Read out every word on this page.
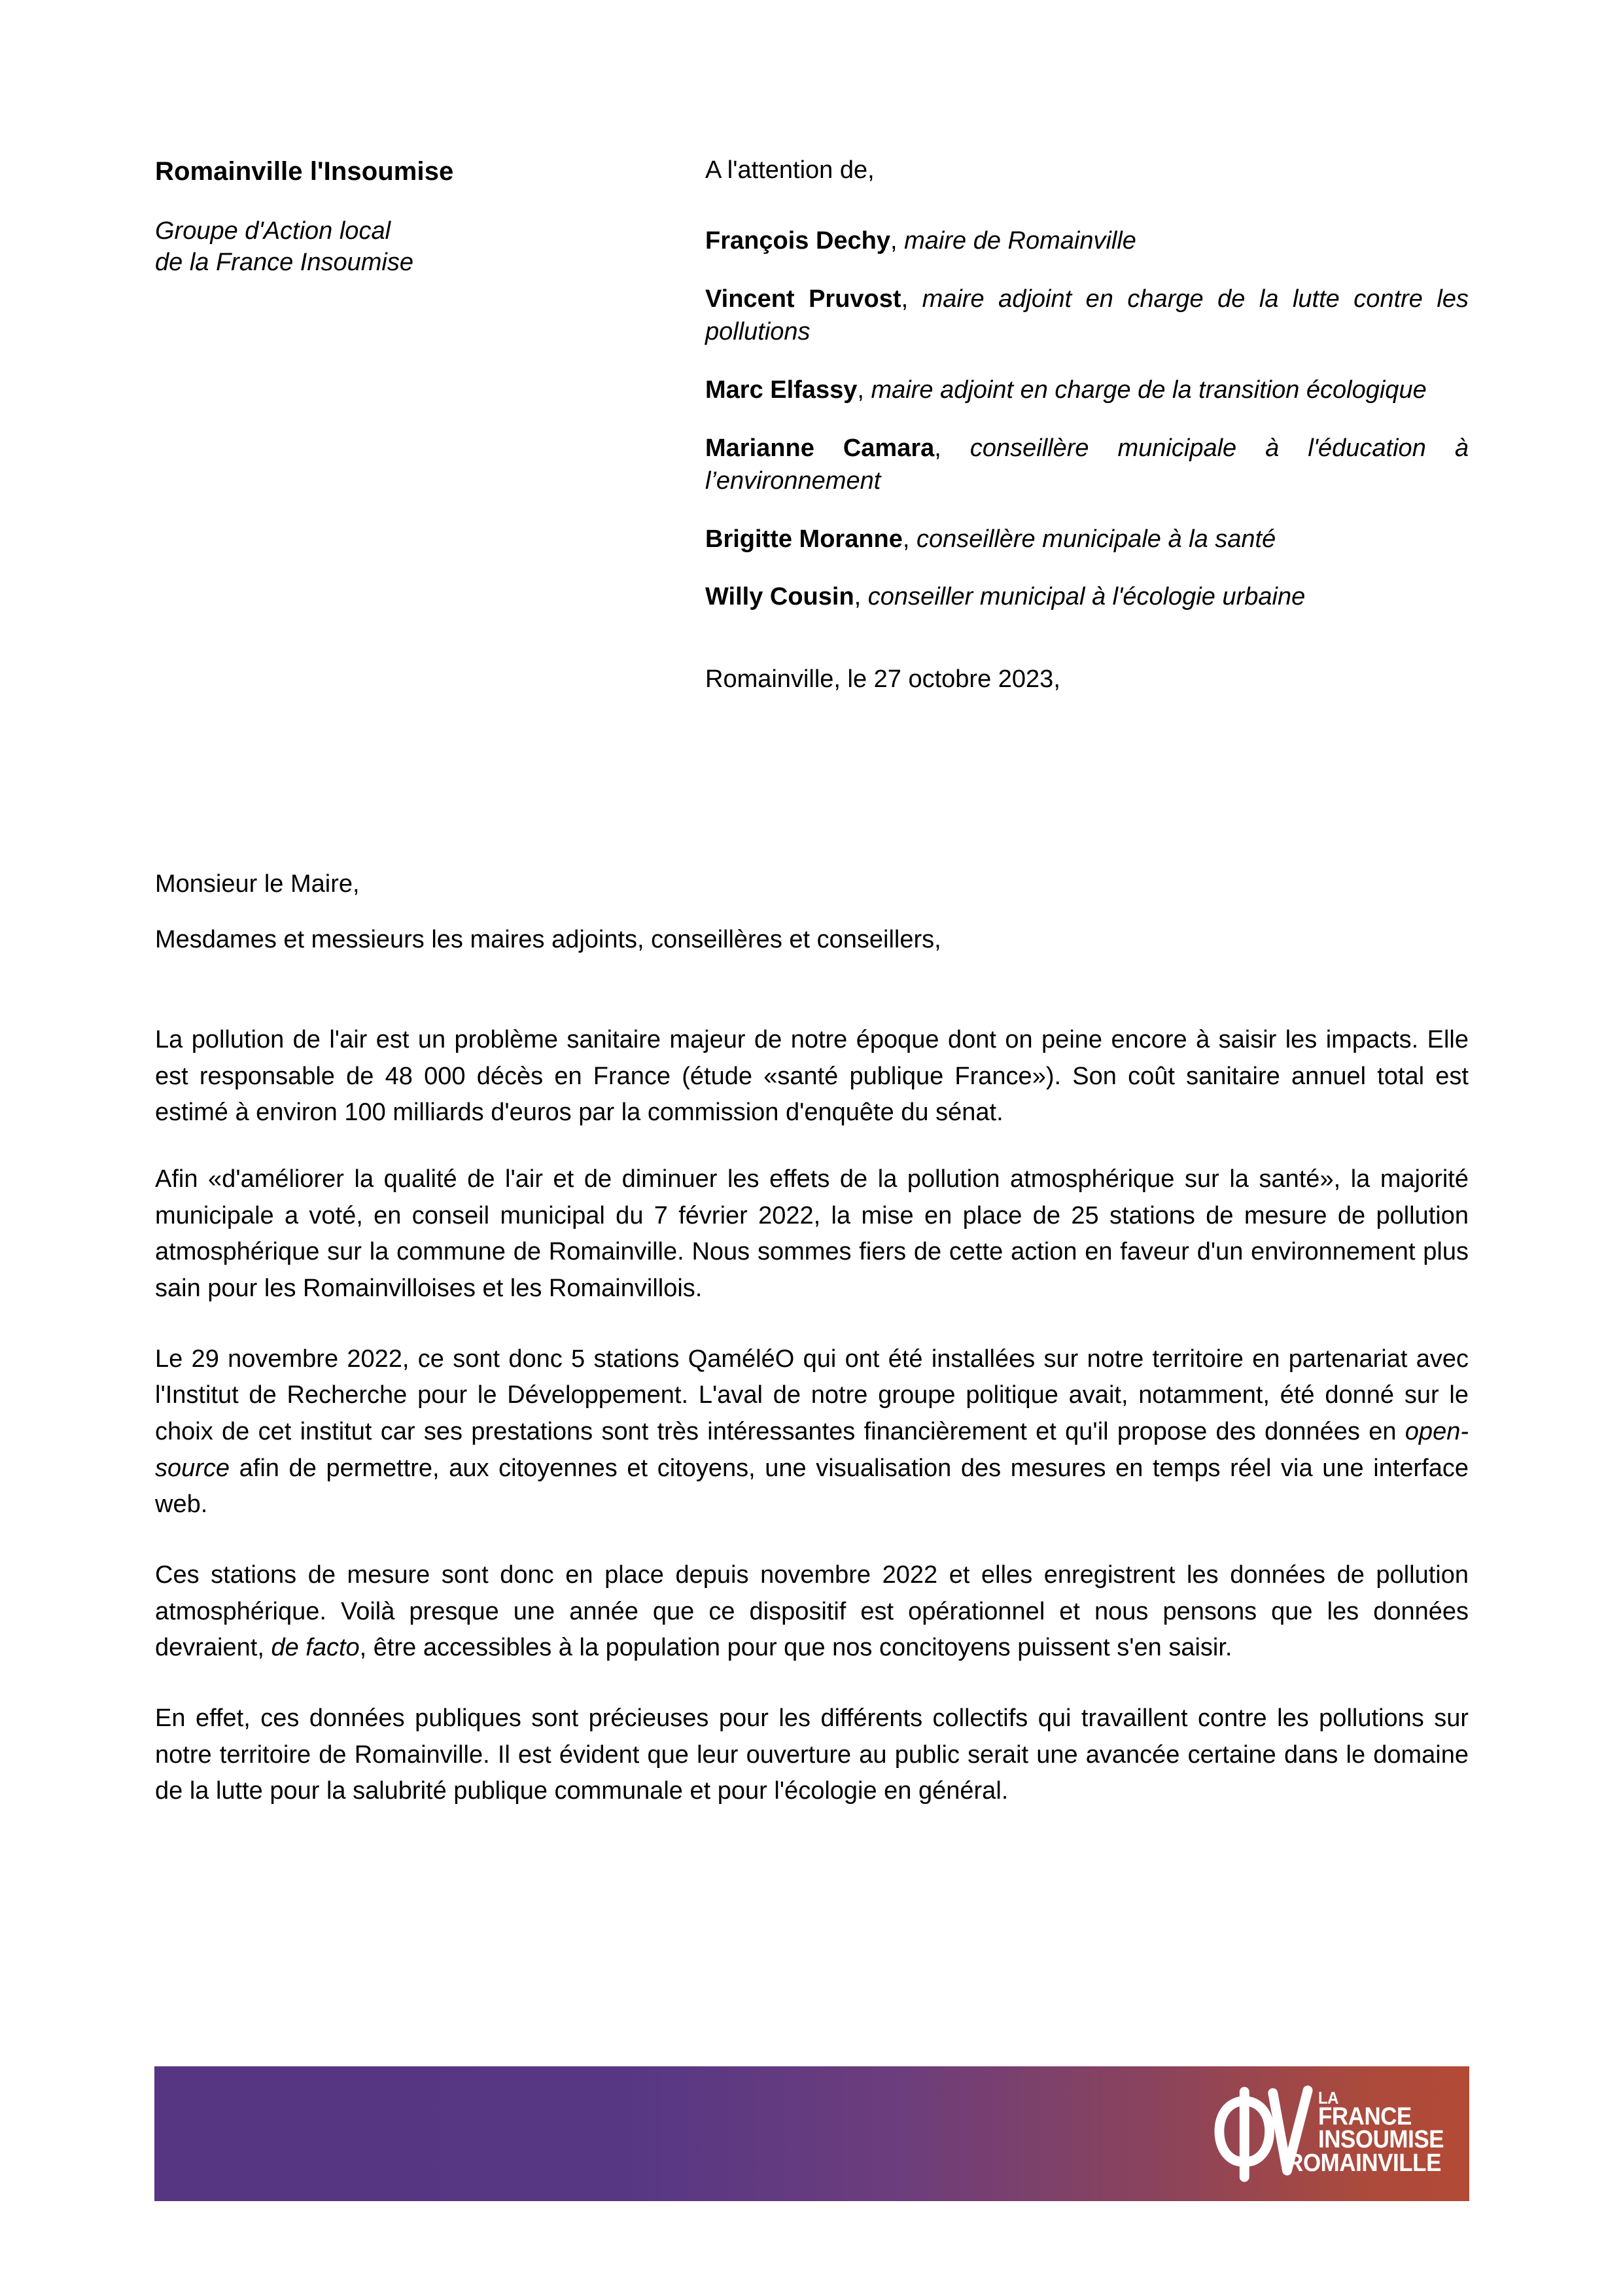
Romainville l'Insoumise
Groupe d'Action local
de la France Insoumise
A l'attention de,
François Dechy, maire de Romainville
Vincent Pruvost, maire adjoint en charge de la lutte contre les pollutions
Marc Elfassy, maire adjoint en charge de la transition écologique
Marianne Camara, conseillère municipale à l'éducation à l’environnement
Brigitte Moranne, conseillère municipale à la santé
Willy Cousin, conseiller municipal à l'écologie urbaine
Romainville, le 27 octobre 2023,

Monsieur le Maire,

Mesdames et messieurs les maires adjoints, conseillères et conseillers,

La pollution de l'air est un problème sanitaire majeur de notre époque dont on peine encore à saisir les impacts. Elle est responsable de 48 000 décès en France (étude «santé publique France»). Son coût sanitaire annuel total est estimé à environ 100 milliards d'euros par la commission d'enquête du sénat.

Afin «d'améliorer la qualité de l'air et de diminuer les effets de la pollution atmosphérique sur la santé», la majorité municipale a voté, en conseil municipal du 7 février 2022, la mise en place de 25 stations de mesure de pollution atmosphérique sur la commune de Romainville. Nous sommes fiers de cette action en faveur d'un environnement plus sain pour les Romainvilloises et les Romainvillois.

Le 29 novembre 2022, ce sont donc 5 stations QaméléO qui ont été installées sur notre territoire en partenariat avec l'Institut de Recherche pour le Développement. L'aval de notre groupe politique avait, notamment, été donné sur le choix de cet institut car ses prestations sont très intéressantes financièrement et qu'il propose des données en open-source afin de permettre, aux citoyennes et citoyens, une visualisation des mesures en temps réel via une interface web.

Ces stations de mesure sont donc en place depuis novembre 2022 et elles enregistrent les données de pollution atmosphérique. Voilà presque une année que ce dispositif est opérationnel et nous pensons que les données devraient, de facto, être accessibles à la population pour que nos concitoyens puissent s'en saisir.

En effet, ces données publiques sont précieuses pour les différents collectifs qui travaillent contre les pollutions sur notre territoire de Romainville. Il est évident que leur ouverture au public serait une avancée certaine dans le domaine de la lutte pour la salubrité publique communale et pour l'écologie en général.

LA
FRANCE
INSOUMISE
ROMAINVILLE
